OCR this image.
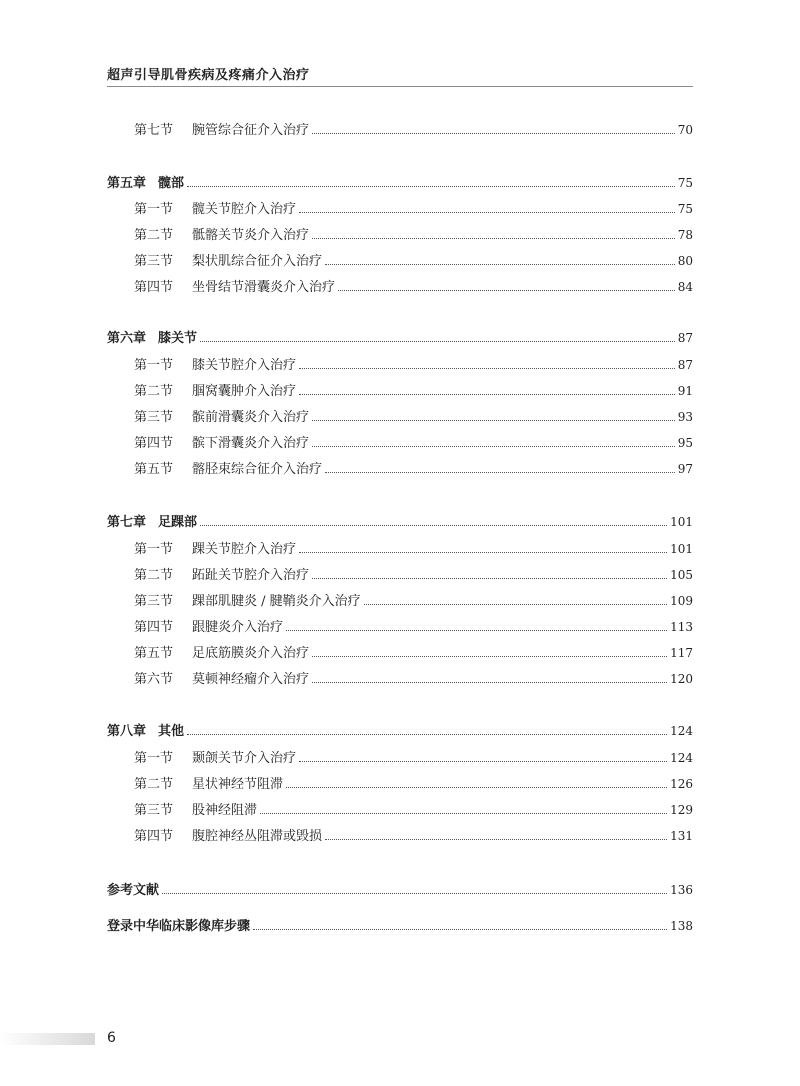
超声引导肌骨疾病及疼痛介入治疗
第七节	腕管综合征介入治疗	70
第五章 髋部	75
第一节	髋关节腔介入治疗	75
第二节	骶髂关节炎介入治疗	78
第三节	梨状肌综合征介入治疗	80
第四节	坐骨结节滑囊炎介入治疗	84
第六章 膝关节	87
第一节	膝关节腔介入治疗	87
第二节	腘窝囊肿介入治疗	91
第三节	髌前滑囊炎介入治疗	93
第四节	髌下滑囊炎介入治疗	95
第五节	髂胫束综合征介入治疗	97
第七章 足踝部	101
第一节	踝关节腔介入治疗	101
第二节	跖趾关节腔介入治疗	105
第三节	踝部肌腱炎 / 腱鞘炎介入治疗	109
第四节	跟腱炎介入治疗	113
第五节	足底筋膜炎介入治疗	117
第六节	莫顿神经瘤介入治疗	120
第八章 其他	124
第一节	颞颌关节介入治疗	124
第二节	星状神经节阻滞	126
第三节	股神经阻滞	129
第四节	腹腔神经丛阻滞或毁损	131
参考文献	136
登录中华临床影像库步骤	138
6
